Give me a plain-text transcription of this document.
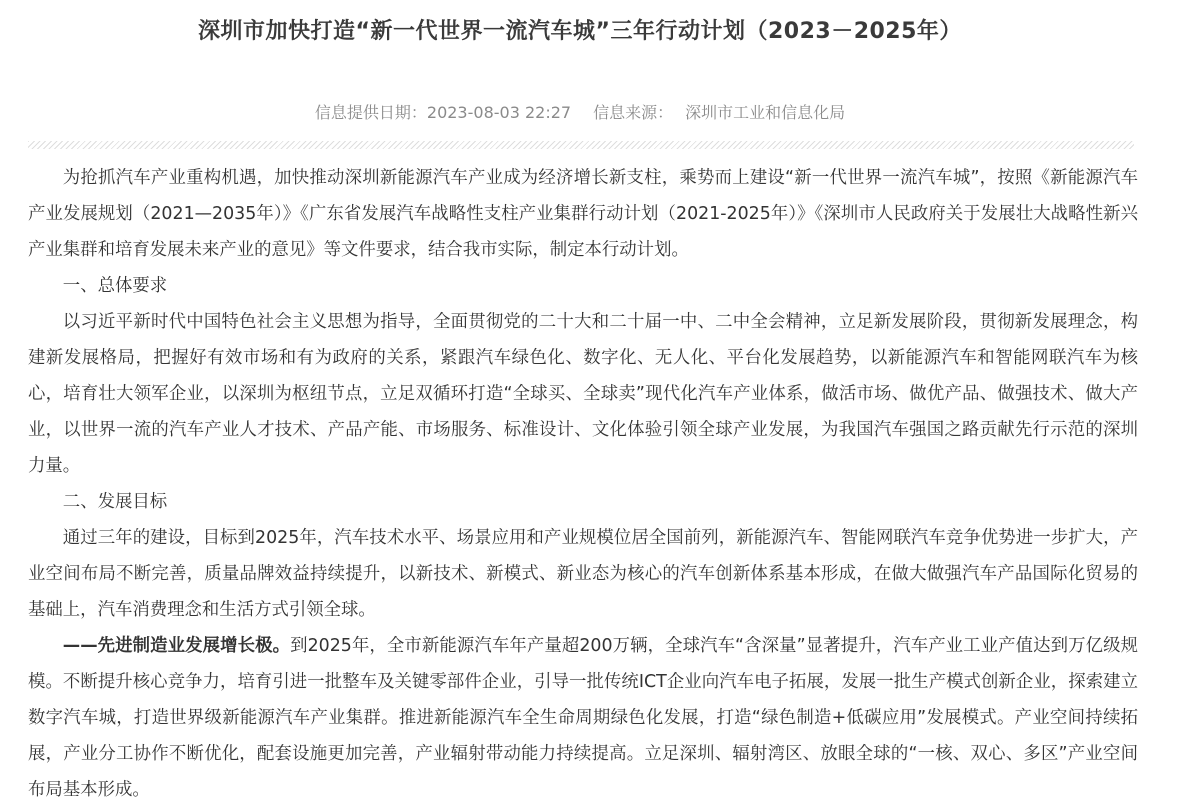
深圳市加快打造“新一代世界一流汽车城”三年行动计划（2023－2025年）
信息提供日期：2023-08-03 22:27 信息来源： 深圳市工业和信息化局

为抢抓汽车产业重构机遇，加快推动深圳新能源汽车产业成为经济增长新支柱，乘势而上建设“新一代世界一流汽车城”，按照《新能源汽车产业发展规划（2021—2035年）》《广东省发展汽车战略性支柱产业集群行动计划（2021-2025年）》《深圳市人民政府关于发展壮大战略性新兴产业集群和培育发展未来产业的意见》等文件要求，结合我市实际，制定本行动计划。

一、总体要求

以习近平新时代中国特色社会主义思想为指导，全面贯彻党的二十大和二十届一中、二中全会精神，立足新发展阶段，贯彻新发展理念，构建新发展格局，把握好有效市场和有为政府的关系，紧跟汽车绿色化、数字化、无人化、平台化发展趋势，以新能源汽车和智能网联汽车为核心，培育壮大领军企业，以深圳为枢纽节点，立足双循环打造“全球买、全球卖”现代化汽车产业体系，做活市场、做优产品、做强技术、做大产业，以世界一流的汽车产业人才技术、产品产能、市场服务、标准设计、文化体验引领全球产业发展，为我国汽车强国之路贡献先行示范的深圳力量。

二、发展目标

通过三年的建设，目标到2025年，汽车技术水平、场景应用和产业规模位居全国前列，新能源汽车、智能网联汽车竞争优势进一步扩大，产业空间布局不断完善，质量品牌效益持续提升，以新技术、新模式、新业态为核心的汽车创新体系基本形成，在做大做强汽车产品国际化贸易的基础上，汽车消费理念和生活方式引领全球。

——先进制造业发展增长极。到2025年，全市新能源汽车年产量超200万辆，全球汽车“含深量”显著提升，汽车产业工业产值达到万亿级规模。不断提升核心竞争力，培育引进一批整车及关键零部件企业，引导一批传统ICT企业向汽车电子拓展，发展一批生产模式创新企业，探索建立数字汽车城，打造世界级新能源汽车产业集群。推进新能源汽车全生命周期绿色化发展，打造“绿色制造+低碳应用”发展模式。产业空间持续拓展，产业分工协作不断优化，配套设施更加完善，产业辐射带动能力持续提高。立足深圳、辐射湾区、放眼全球的“一核、双心、多区”产业空间布局基本形成。
